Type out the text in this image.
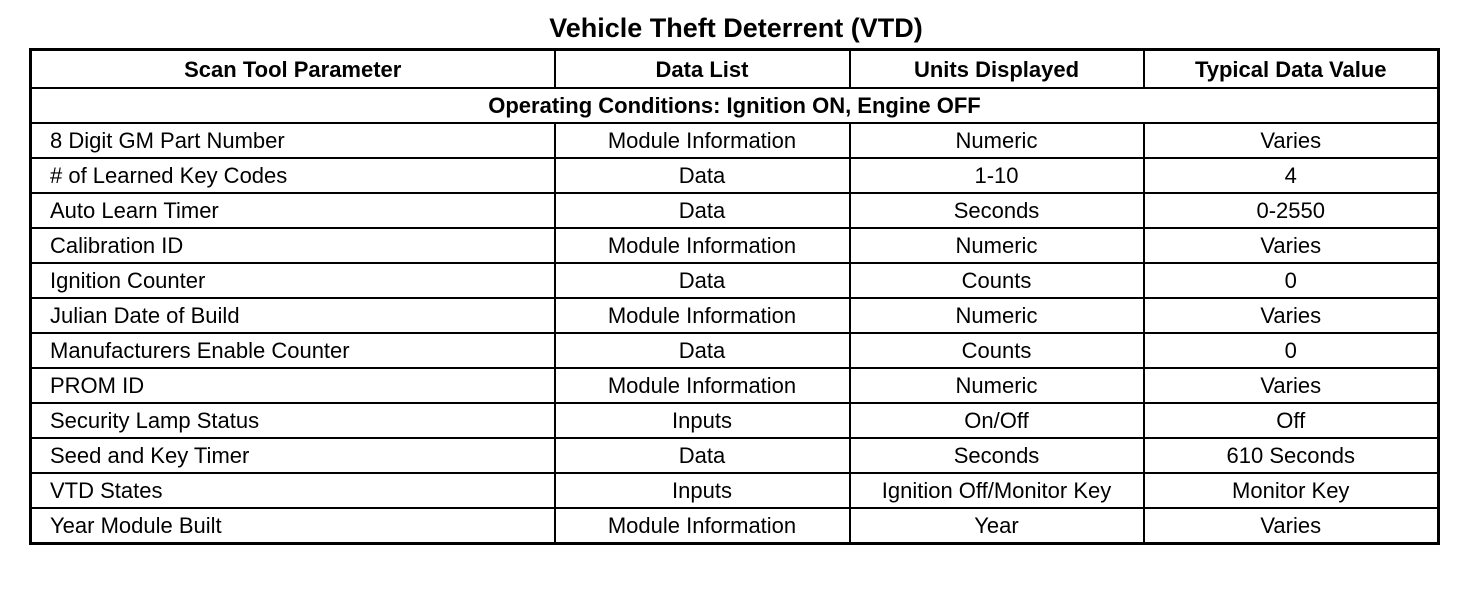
Vehicle Theft Deterrent (VTD)
Scan Tool Parameter	Data List	Units Displayed	Typical Data Value
Operating Conditions: Ignition ON, Engine OFF			
8 Digit GM Part Number	Module Information	Numeric	Varies
# of Learned Key Codes	Data	1-10	4
Auto Learn Timer	Data	Seconds	0-2550
Calibration ID	Module Information	Numeric	Varies
Ignition Counter	Data	Counts	0
Julian Date of Build	Module Information	Numeric	Varies
Manufacturers Enable Counter	Data	Counts	0
PROM ID	Module Information	Numeric	Varies
Security Lamp Status	Inputs	On/Off	Off
Seed and Key Timer	Data	Seconds	610 Seconds
VTD States	Inputs	Ignition Off/Monitor Key	Monitor Key
Year Module Built	Module Information	Year	Varies
